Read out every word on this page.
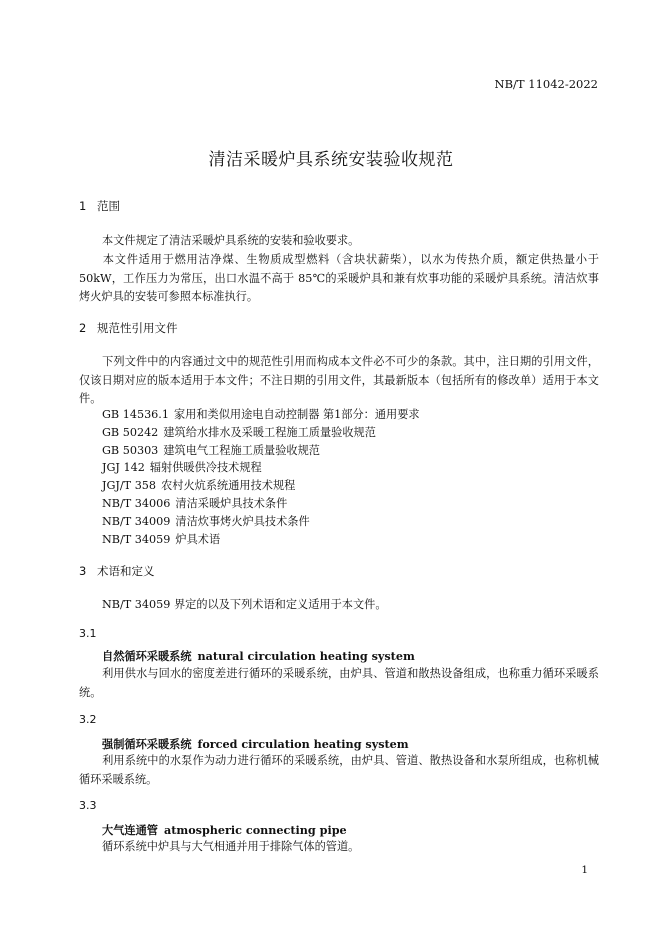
NB/T 11042-2022
清洁采暖炉具系统安装验收规范
1 范围
本文件规定了清洁采暖炉具系统的安装和验收要求。
本文件适用于燃用洁净煤、生物质成型燃料（含块状薪柴），以水为传热介质，额定供热量小于50kW，工作压力为常压，出口水温不高于 85℃的采暖炉具和兼有炊事功能的采暖炉具系统。清洁炊事烤火炉具的安装可参照本标准执行。
2 规范性引用文件
下列文件中的内容通过文中的规范性引用而构成本文件必不可少的条款。其中，注日期的引用文件，仅该日期对应的版本适用于本文件；不注日期的引用文件，其最新版本（包括所有的修改单）适用于本文件。
GB 14536.1 家用和类似用途电自动控制器 第1部分：通用要求
GB 50242 建筑给水排水及采暖工程施工质量验收规范
GB 50303 建筑电气工程施工质量验收规范
JGJ 142 辐射供暖供冷技术规程
JGJ/T 358 农村火炕系统通用技术规程
NB/T 34006 清洁采暖炉具技术条件
NB/T 34009 清洁炊事烤火炉具技术条件
NB/T 34059 炉具术语
3 术语和定义
NB/T 34059 界定的以及下列术语和定义适用于本文件。
3.1
自然循环采暖系统 natural circulation heating system
利用供水与回水的密度差进行循环的采暖系统，由炉具、管道和散热设备组成，也称重力循环采暖系统。
3.2
强制循环采暖系统 forced circulation heating system
利用系统中的水泵作为动力进行循环的采暖系统，由炉具、管道、散热设备和水泵所组成，也称机械循环采暖系统。
3.3
大气连通管 atmospheric connecting pipe
循环系统中炉具与大气相通并用于排除气体的管道。
1
